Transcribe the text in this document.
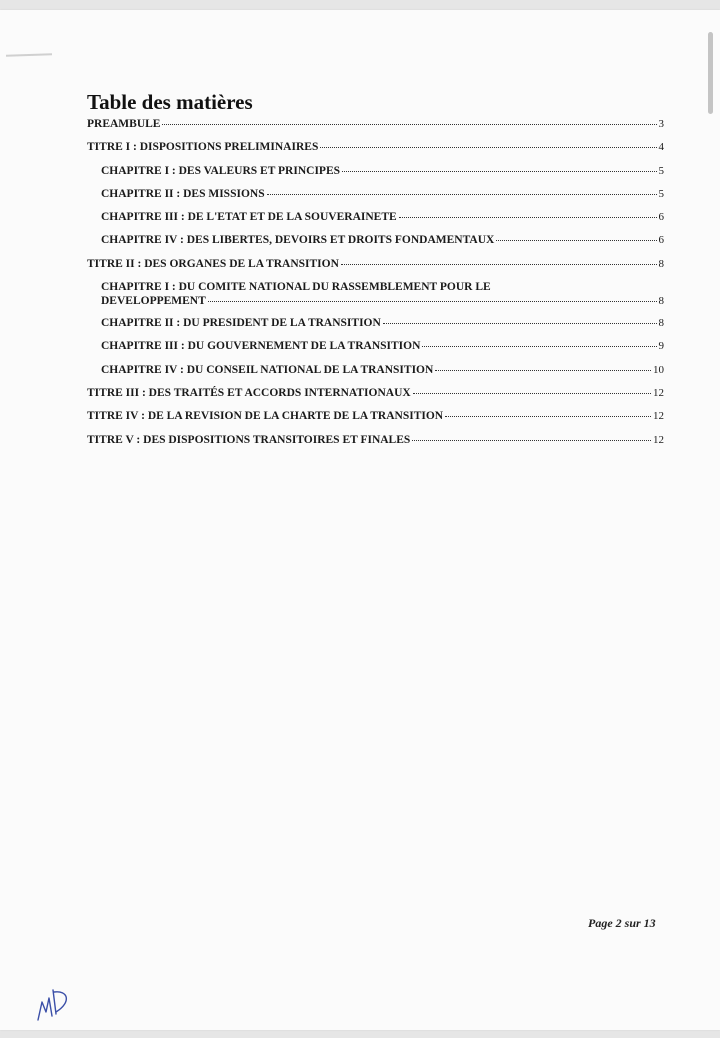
Table des matières
PREAMBULE	3
TITRE I : DISPOSITIONS PRELIMINAIRES	4
CHAPITRE I : DES VALEURS ET PRINCIPES	5
CHAPITRE II : DES MISSIONS	5
CHAPITRE III : DE L'ETAT ET DE LA SOUVERAINETE	6
CHAPITRE IV : DES LIBERTES, DEVOIRS ET DROITS FONDAMENTAUX	6
TITRE II : DES ORGANES DE LA TRANSITION	8
CHAPITRE I : DU COMITE NATIONAL DU RASSEMBLEMENT POUR LE
DEVELOPPEMENT	8
CHAPITRE II : DU PRESIDENT DE LA TRANSITION	8
CHAPITRE III : DU GOUVERNEMENT DE LA TRANSITION	9
CHAPITRE IV : DU CONSEIL NATIONAL DE LA TRANSITION	10
TITRE III : DES TRAITÉS ET ACCORDS INTERNATIONAUX	12
TITRE IV : DE LA REVISION DE LA CHARTE DE LA TRANSITION	12
TITRE V : DES DISPOSITIONS TRANSITOIRES ET FINALES	12
Page 2 sur 13
